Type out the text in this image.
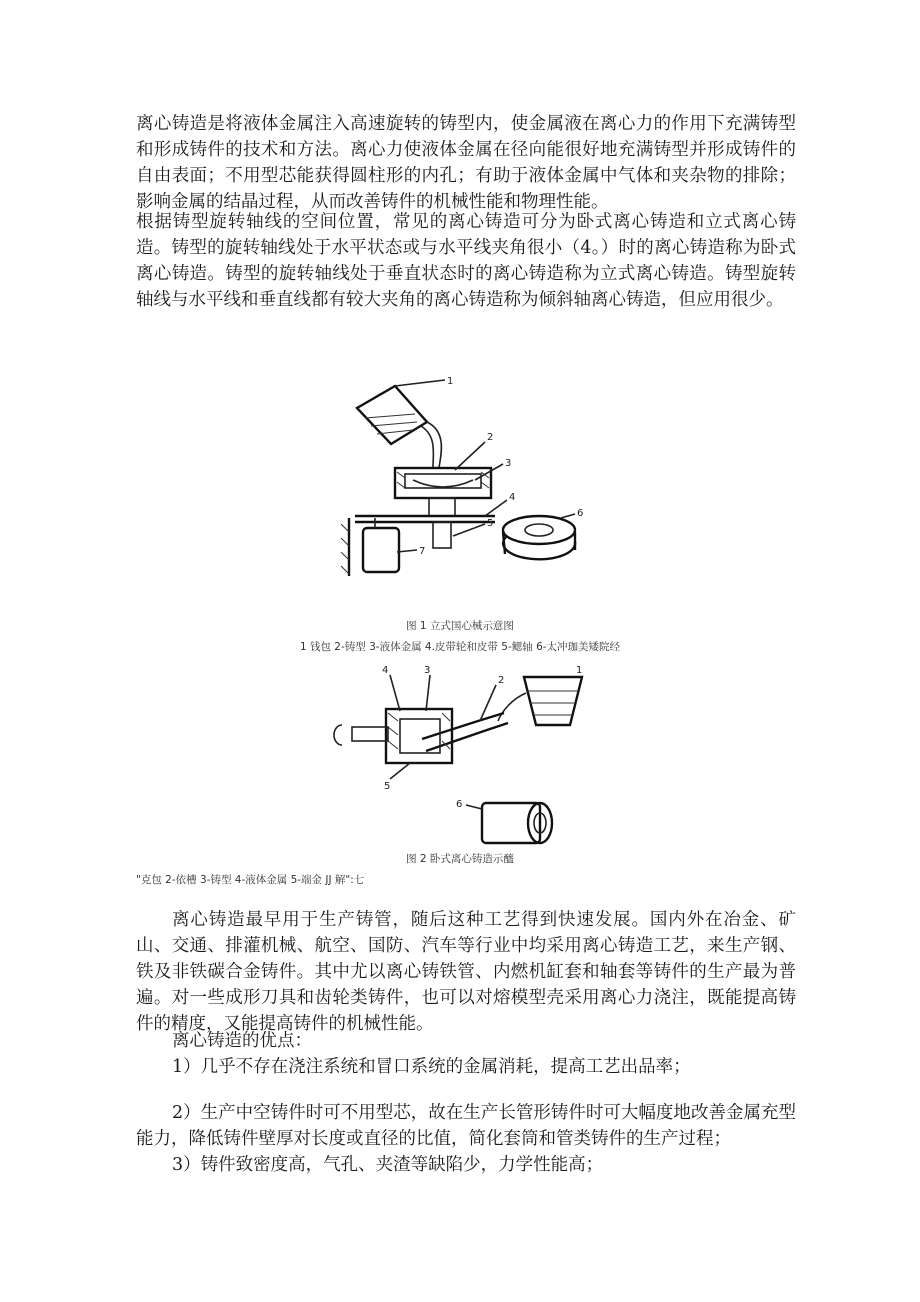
离心铸造是将液体金属注入高速旋转的铸型内，使金属液在离心力的作用下充满铸型和形成铸件的技术和方法。离心力使液体金属在径向能很好地充满铸型并形成铸件的自由表面；不用型芯能获得圆柱形的内孔；有助于液体金属中气体和夹杂物的排除；影响金属的结晶过程，从而改善铸件的机械性能和物理性能。

根据铸型旋转轴线的空间位置，常见的离心铸造可分为卧式离心铸造和立式离心铸造。铸型的旋转轴线处于水平状态或与水平线夹角很小（4。）时的离心铸造称为卧式离心铸造。铸型的旋转轴线处于垂直状态时的离心铸造称为立式离心铸造。铸型旋转轴线与水平线和垂直线都有较大夹角的离心铸造称为倾斜轴离心铸造，但应用很少。

1
2
3
4
5
6
7

图 1 立式国心械示意图

1 钱包 2-铸型 3-液体金属 4.皮带轮和皮带 5-鳃轴 6-太冲珈美矮院经

4	3
2
1
5
6

图 2 卧式离心铸造示醯

"克包 2-依槽 3-铸型 4-液体金属 5-端金 JJ 解":七

离心铸造最早用于生产铸管，随后这种工艺得到快速发展。国内外在冶金、矿山、交通、排灌机械、航空、国防、汽车等行业中均采用离心铸造工艺，来生产钢、铁及非铁碳合金铸件。其中尤以离心铸铁管、内燃机缸套和轴套等铸件的生产最为普遍。对一些成形刀具和齿轮类铸件，也可以对熔模型壳采用离心力浇注，既能提高铸件的精度，又能提高铸件的机械性能。

离心铸造的优点：

1）几乎不存在浇注系统和冒口系统的金属消耗，提高工艺出品率；

2）生产中空铸件时可不用型芯，故在生产长管形铸件时可大幅度地改善金属充型能力，降低铸件壁厚对长度或直径的比值，简化套筒和管类铸件的生产过程；

3）铸件致密度高，气孔、夹渣等缺陷少，力学性能高；
